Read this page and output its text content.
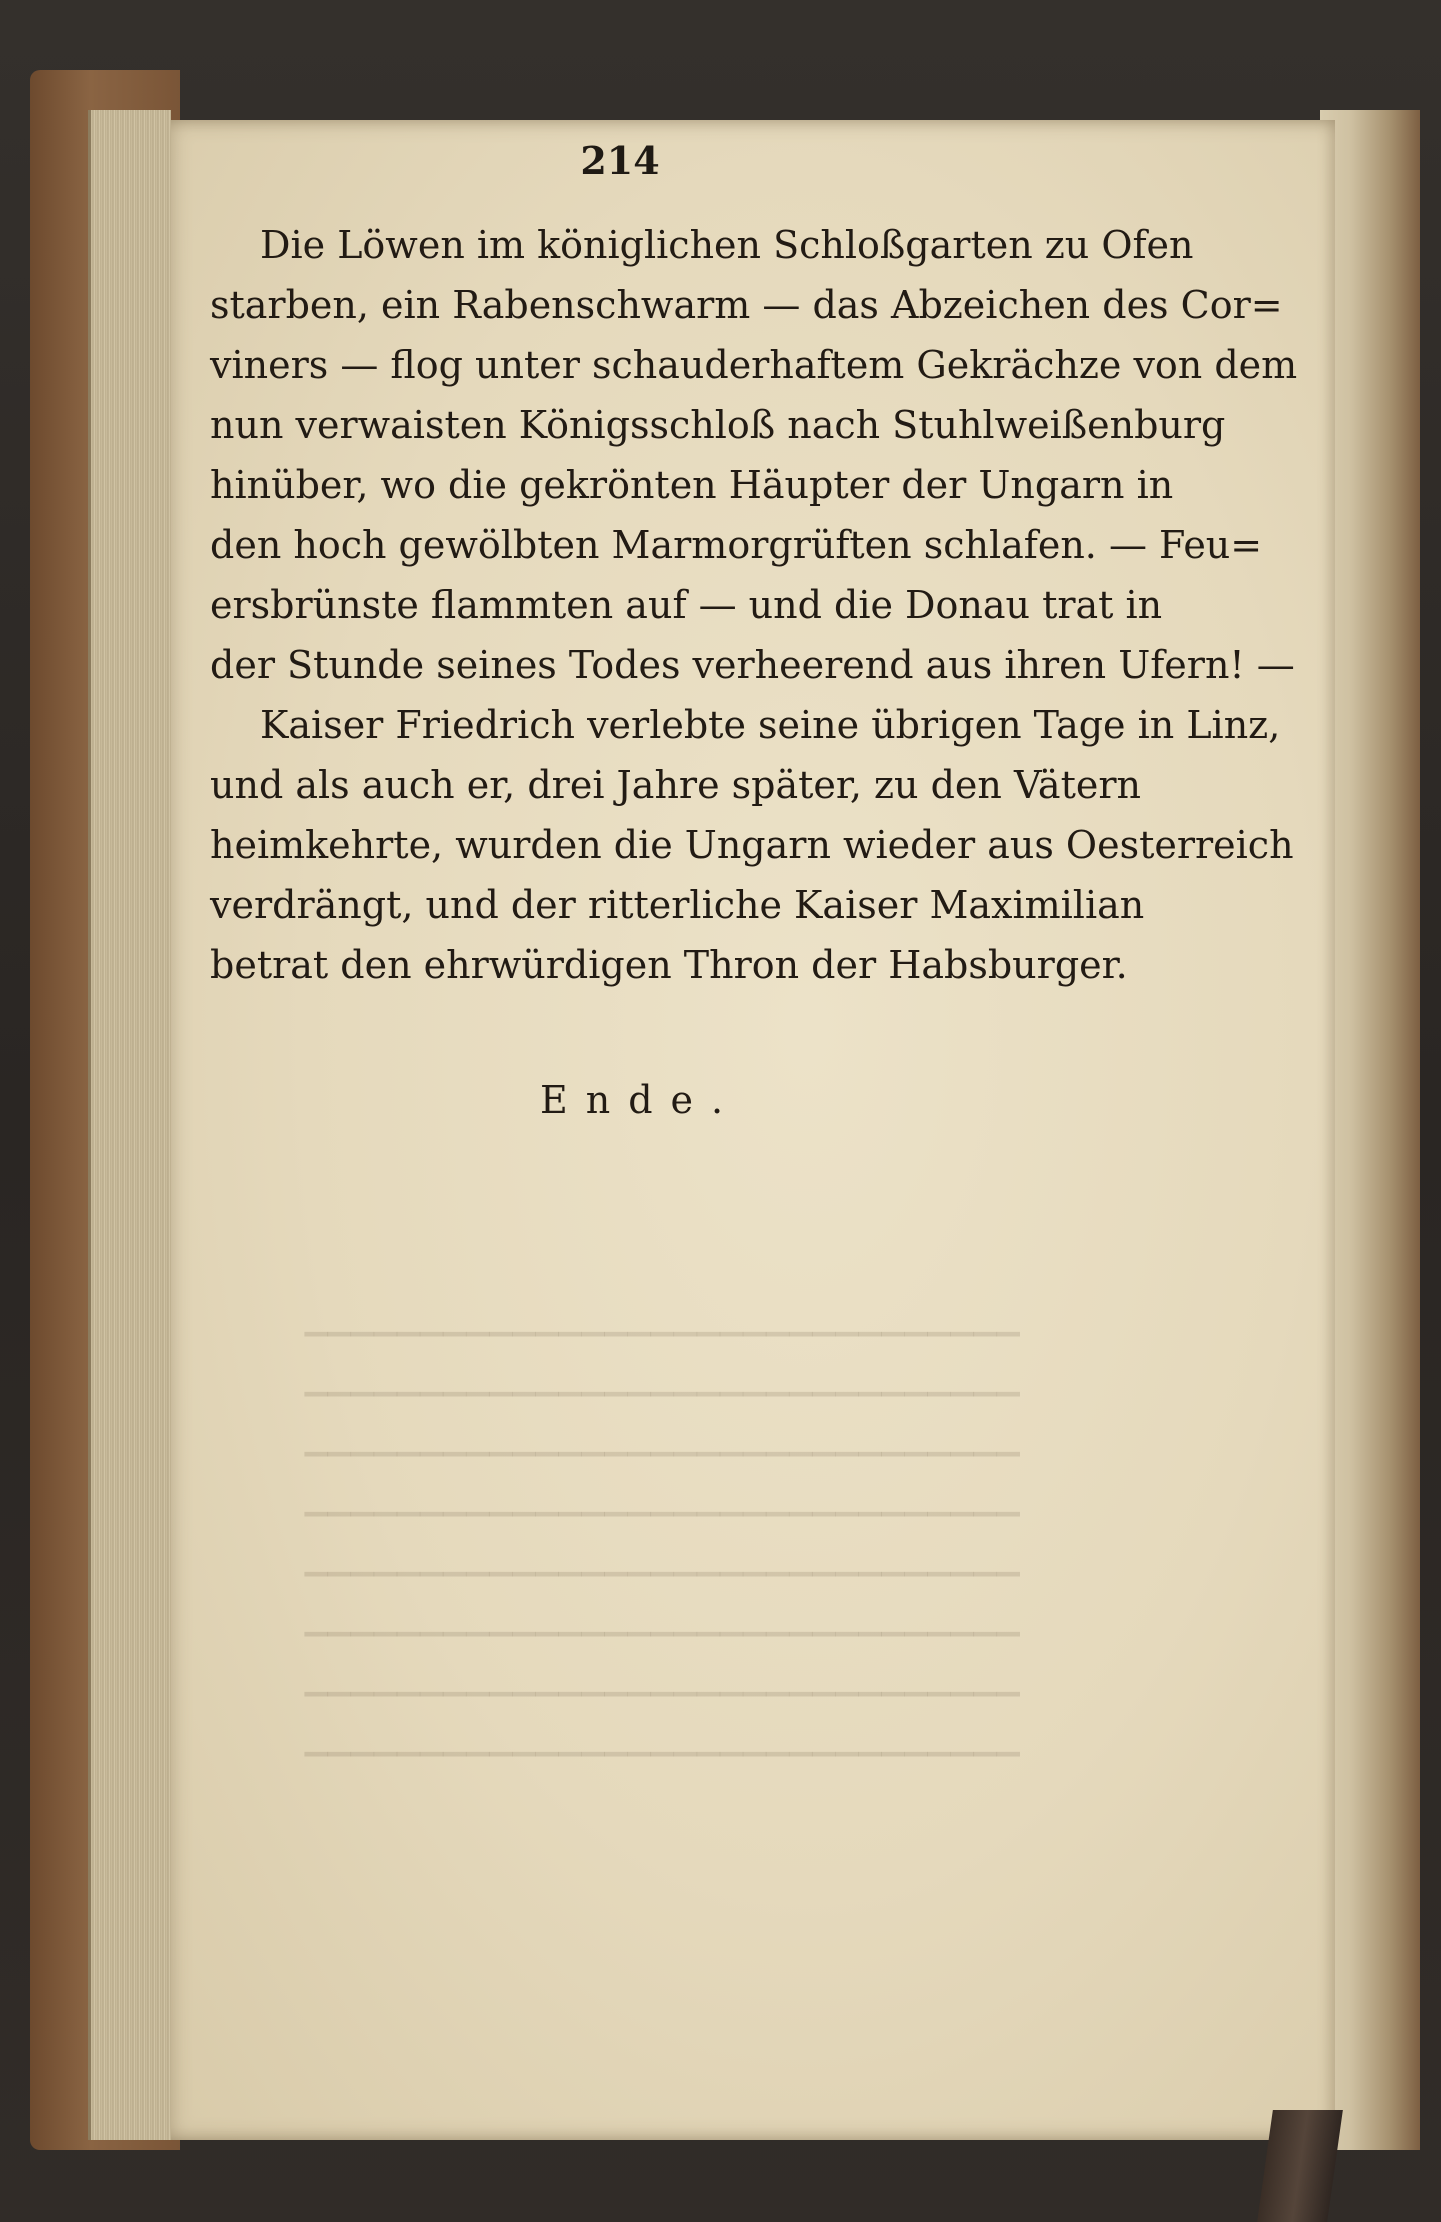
▁▁▁▁▁▁▁▁▁▁▁▁▁▁▁▁▁▁▁▁▁▁▁▁▁▁▁▁▁▁▁
▁▁▁▁▁▁▁▁▁▁▁▁▁▁▁▁▁▁▁▁▁▁▁▁▁▁▁▁▁▁▁
▁▁▁▁▁▁▁▁▁▁▁▁▁▁▁▁▁▁▁▁▁▁▁▁▁▁▁▁▁▁▁
▁▁▁▁▁▁▁▁▁▁▁▁▁▁▁▁▁▁▁▁▁▁▁▁▁▁▁▁▁▁▁
▁▁▁▁▁▁▁▁▁▁▁▁▁▁▁▁▁▁▁▁▁▁▁▁▁▁▁▁▁▁▁
▁▁▁▁▁▁▁▁▁▁▁▁▁▁▁▁▁▁▁▁▁▁▁▁▁▁▁▁▁▁▁
▁▁▁▁▁▁▁▁▁▁▁▁▁▁▁▁▁▁▁▁▁▁▁▁▁▁▁▁▁▁▁
▁▁▁▁▁▁▁▁▁▁▁▁▁▁▁▁▁▁▁▁▁▁▁▁▁▁▁▁▁▁▁
214
Die Löwen im königlichen Schloßgarten zu Ofen
starben, ein Rabenschwarm — das Abzeichen des Cor=
viners — flog unter schauderhaftem Gekrächze von dem
nun verwaisten Königsschloß nach Stuhlweißenburg
hinüber, wo die gekrönten Häupter der Ungarn in
den hoch gewölbten Marmorgrüften schlafen. — Feu=
ersbrünste flammten auf — und die Donau trat in
der Stunde seines Todes verheerend aus ihren Ufern! —
Kaiser Friedrich verlebte seine übrigen Tage in Linz,
und als auch er, drei Jahre später, zu den Vätern
heimkehrte, wurden die Ungarn wieder aus Oesterreich
verdrängt, und der ritterliche Kaiser Maximilian
betrat den ehrwürdigen Thron der Habsburger.
Ende.
